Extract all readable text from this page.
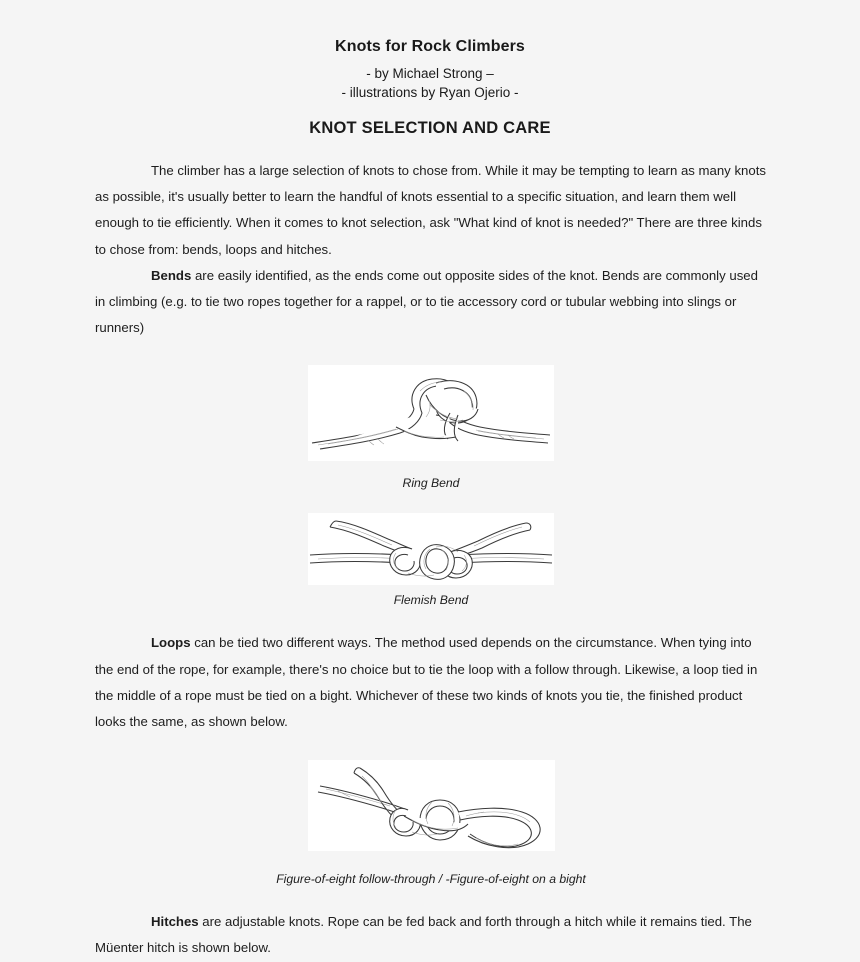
Knots for Rock Climbers
- by Michael Strong –
- illustrations by Ryan Ojerio -
KNOT SELECTION AND CARE

The climber has a large selection of knots to chose from. While it may be tempting to learn as many knots as possible, it's usually better to learn the handful of knots essential to a specific situation, and learn them well enough to tie efficiently. When it comes to knot selection, ask "What kind of knot is needed?" There are three kinds to chose from: bends, loops and hitches.

Bends are easily identified, as the ends come out opposite sides of the knot. Bends are commonly used in climbing (e.g. to tie two ropes together for a rappel, or to tie accessory cord or tubular webbing into slings or runners)

Ring Bend
Flemish Bend

Loops can be tied two different ways. The method used depends on the circumstance. When tying into the end of the rope, for example, there's no choice but to tie the loop with a follow through. Likewise, a loop tied in the middle of a rope must be tied on a bight. Whichever of these two kinds of knots you tie, the finished product looks the same, as shown below.

Figure-of-eight follow-through / -Figure-of-eight on a bight

Hitches are adjustable knots. Rope can be fed back and forth through a hitch while it remains tied. The Müenter hitch is shown below.
